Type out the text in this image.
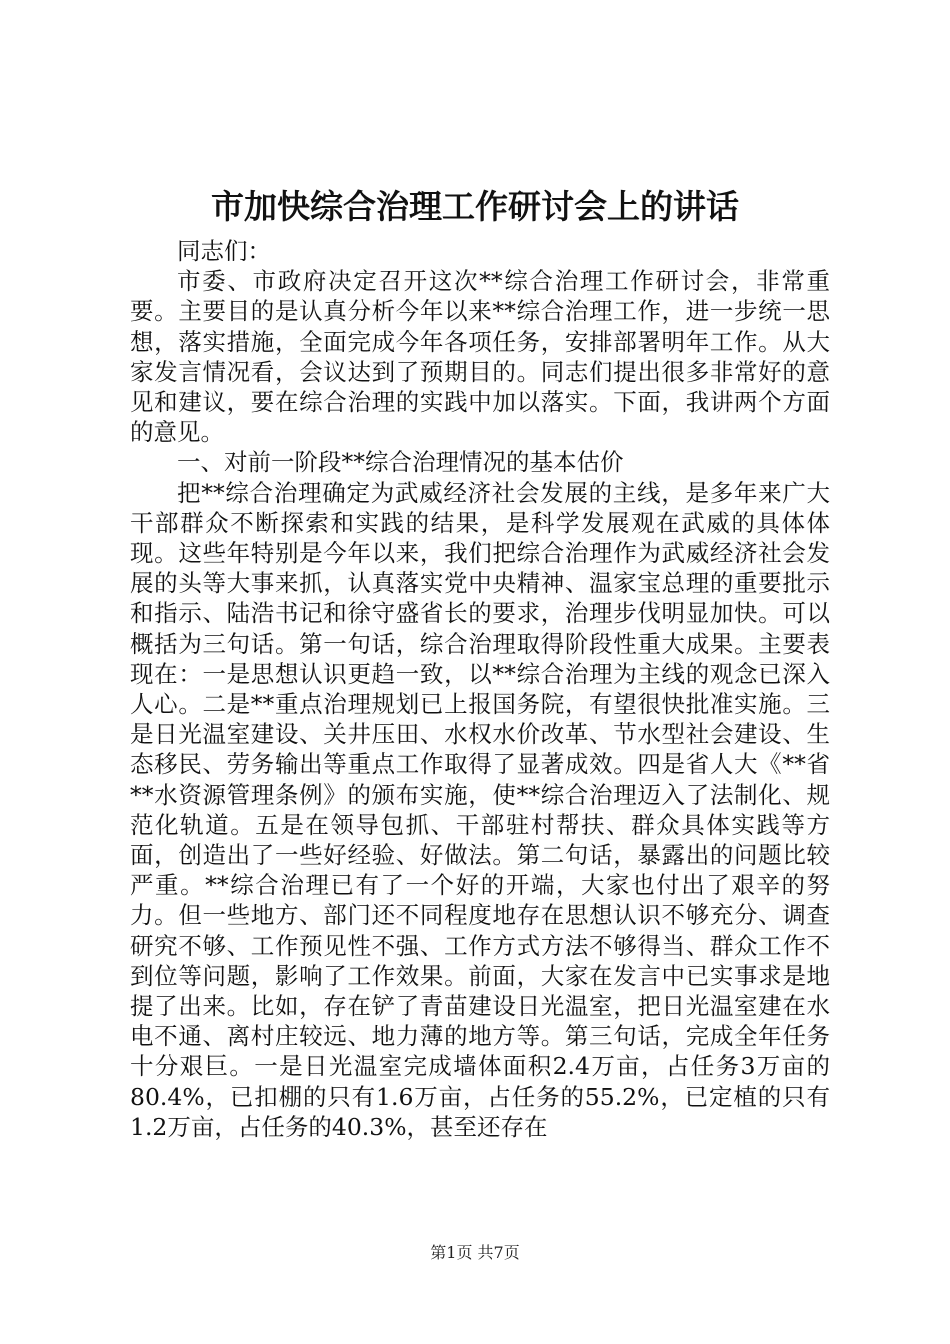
市加快综合治理工作研讨会上的讲话

同志们：

市委、市政府决定召开这次**综合治理工作研讨会，非常重要。主要目的是认真分析今年以来**综合治理工作，进一步统一思想，落实措施，全面完成今年各项任务，安排部署明年工作。从大家发言情况看，会议达到了预期目的。同志们提出很多非常好的意见和建议，要在综合治理的实践中加以落实。下面，我讲两个方面的意见。

一、对前一阶段**综合治理情况的基本估价

把**综合治理确定为武威经济社会发展的主线，是多年来广大干部群众不断探索和实践的结果，是科学发展观在武威的具体体现。这些年特别是今年以来，我们把综合治理作为武威经济社会发展的头等大事来抓，认真落实党中央精神、温家宝总理的重要批示和指示、陆浩书记和徐守盛省长的要求，治理步伐明显加快。可以概括为三句话。第一句话，综合治理取得阶段性重大成果。主要表现在：一是思想认识更趋一致，以**综合治理为主线的观念已深入人心。二是**重点治理规划已上报国务院，有望很快批准实施。三是日光温室建设、关井压田、水权水价改革、节水型社会建设、生态移民、劳务输出等重点工作取得了显著成效。四是省人大《**省**水资源管理条例》的颁布实施，使**综合治理迈入了法制化、规范化轨道。五是在领导包抓、干部驻村帮扶、群众具体实践等方面，创造出了一些好经验、好做法。第二句话，暴露出的问题比较严重。**综合治理已有了一个好的开端，大家也付出了艰辛的努力。但一些地方、部门还不同程度地存在思想认识不够充分、调查研究不够、工作预见性不强、工作方式方法不够得当、群众工作不到位等问题，影响了工作效果。前面，大家在发言中已实事求是地提了出来。比如，存在铲了青苗建设日光温室，把日光温室建在水电不通、离村庄较远、地力薄的地方等。第三句话，完成全年任务十分艰巨。一是日光温室完成墙体面积2.4万亩，占任务3万亩的80.4%，已扣棚的只有1.6万亩，占任务的55.2%，已定植的只有1.2万亩，占任务的40.3%，甚至还存在

第1页 共7页
